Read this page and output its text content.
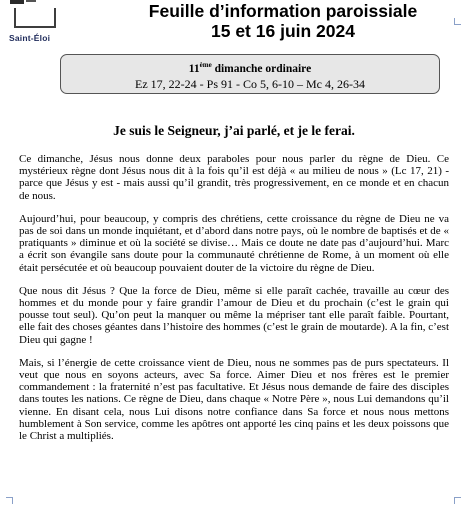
Saint-Éloi
Feuille d’information paroissiale
15 et 16 juin 2024
11ème dimanche ordinaire
Ez 17, 22-24 - Ps 91 - Co 5, 6-10 – Mc 4, 26-34
Je suis le Seigneur, j’ai parlé, et je le ferai.

Ce dimanche, Jésus nous donne deux paraboles pour nous parler du règne de Dieu. Ce mystérieux règne dont Jésus nous dit à la fois qu’il est déjà « au milieu de nous » (Lc 17, 21) - parce que Jésus y est - mais aussi qu’il grandit, très progressivement, en ce monde et en chacun de nous.

Aujourd’hui, pour beaucoup, y compris des chrétiens, cette croissance du règne de Dieu ne va pas de soi dans un monde inquiétant, et d’abord dans notre pays, où le nombre de baptisés et de « pratiquants » diminue et où la société se divise… Mais ce doute ne date pas d’aujourd’hui. Marc a écrit son évangile sans doute pour la communauté chrétienne de Rome, à un moment où elle était persécutée et où beaucoup pouvaient douter de la victoire du règne de Dieu.

Que nous dit Jésus ? Que la force de Dieu, même si elle paraît cachée, travaille au cœur des hommes et du monde pour y faire grandir l’amour de Dieu et du prochain (c’est le grain qui pousse tout seul). Qu’on peut la manquer ou même la mépriser tant elle paraît faible. Pourtant, elle fait des choses géantes dans l’histoire des hommes (c’est le grain de moutarde). A la fin, c’est Dieu qui gagne !

Mais, si l’énergie de cette croissance vient de Dieu, nous ne sommes pas de purs spectateurs. Il veut que nous en soyons acteurs, avec Sa force. Aimer Dieu et nos frères est le premier commandement : la fraternité n’est pas facultative. Et Jésus nous demande de faire des disciples dans toutes les nations. Ce règne de Dieu, dans chaque « Notre Père », nous Lui demandons qu’il vienne. En disant cela, nous Lui disons notre confiance dans Sa force et nous nous mettons humblement à Son service, comme les apôtres ont apporté les cinq pains et les deux poissons que le Christ a multipliés.
